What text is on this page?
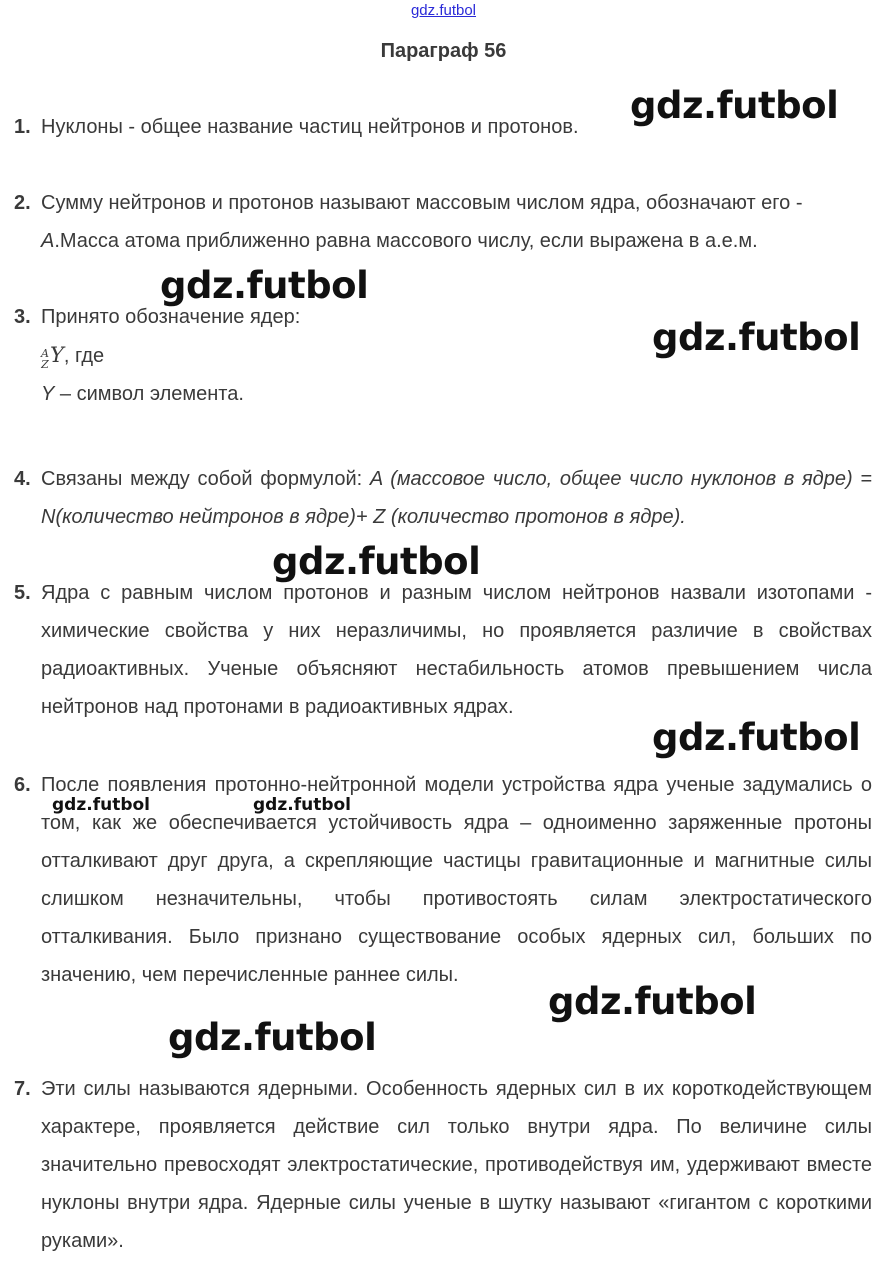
gdz.futbol
Параграф 56
1. Нуклоны - общее название частиц нейтронов и протонов.

2. Сумму нейтронов и протонов называют массовым числом ядра, обозначают его - A.Масса атома приближенно равна массового числу, если выражена в а.е.м.

3. Принято обозначение ядер:

A
Z Y, где

Y – символ элемента.

4. Связаны между собой формулой: A (массовое число, общее число нуклонов в ядре) = N(количество нейтронов в ядре)+ Z (количество протонов в ядре).

5. Ядра с равным числом протонов и разным числом нейтронов назвали изотопами - химические свойства у них неразличимы, но проявляется различие в свойствах радиоактивных. Ученые объясняют нестабильность атомов превышением числа нейтронов над протонами в радиоактивных ядрах.

6. После появления протонно-нейтронной модели устройства ядра ученые задумались о том, как же обеспечивается устойчивость ядра – одноименно заряженные протоны отталкивают друг друга, а скрепляющие частицы гравитационные и магнитные силы слишком незначительны, чтобы противостоять силам электростатического отталкивания. Было признано существование особых ядерных сил, больших по значению, чем перечисленные раннее силы.

7. Эти силы называются ядерными. Особенность ядерных сил в их короткодействующем характере, проявляется действие сил только внутри ядра. По величине силы значительно превосходят электростатические, противодействуя им, удерживают вместе нуклоны внутри ядра. Ядерные силы ученые в шутку называют «гигантом с короткими руками».

gdz.futbol
gdz.futbol
gdz.futbol
gdz.futbol
gdz.futbol
gdz.futbol	gdz.futbol
gdz.futbol
gdz.futbol
